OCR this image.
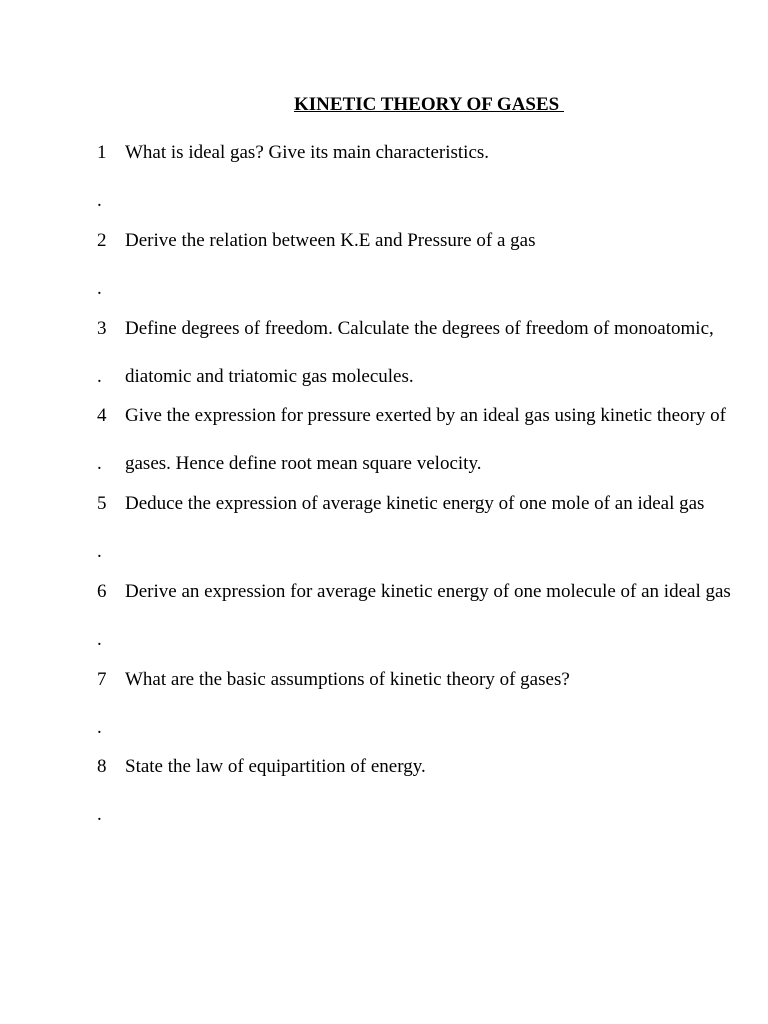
KINETIC THEORY OF GASES
1 What is ideal gas? Give its main characteristics.
.
2 Derive the relation between K.E and Pressure of a gas
.
3 Define degrees of freedom. Calculate the degrees of freedom of monoatomic,
. diatomic and triatomic gas molecules.
4 Give the expression for pressure exerted by an ideal gas using kinetic theory of
. gases. Hence define root mean square velocity.
5 Deduce the expression of average kinetic energy of one mole of an ideal gas
.
6 Derive an expression for average kinetic energy of one molecule of an ideal gas
.
7 What are the basic assumptions of kinetic theory of gases?
.
8 State the law of equipartition of energy.
.
